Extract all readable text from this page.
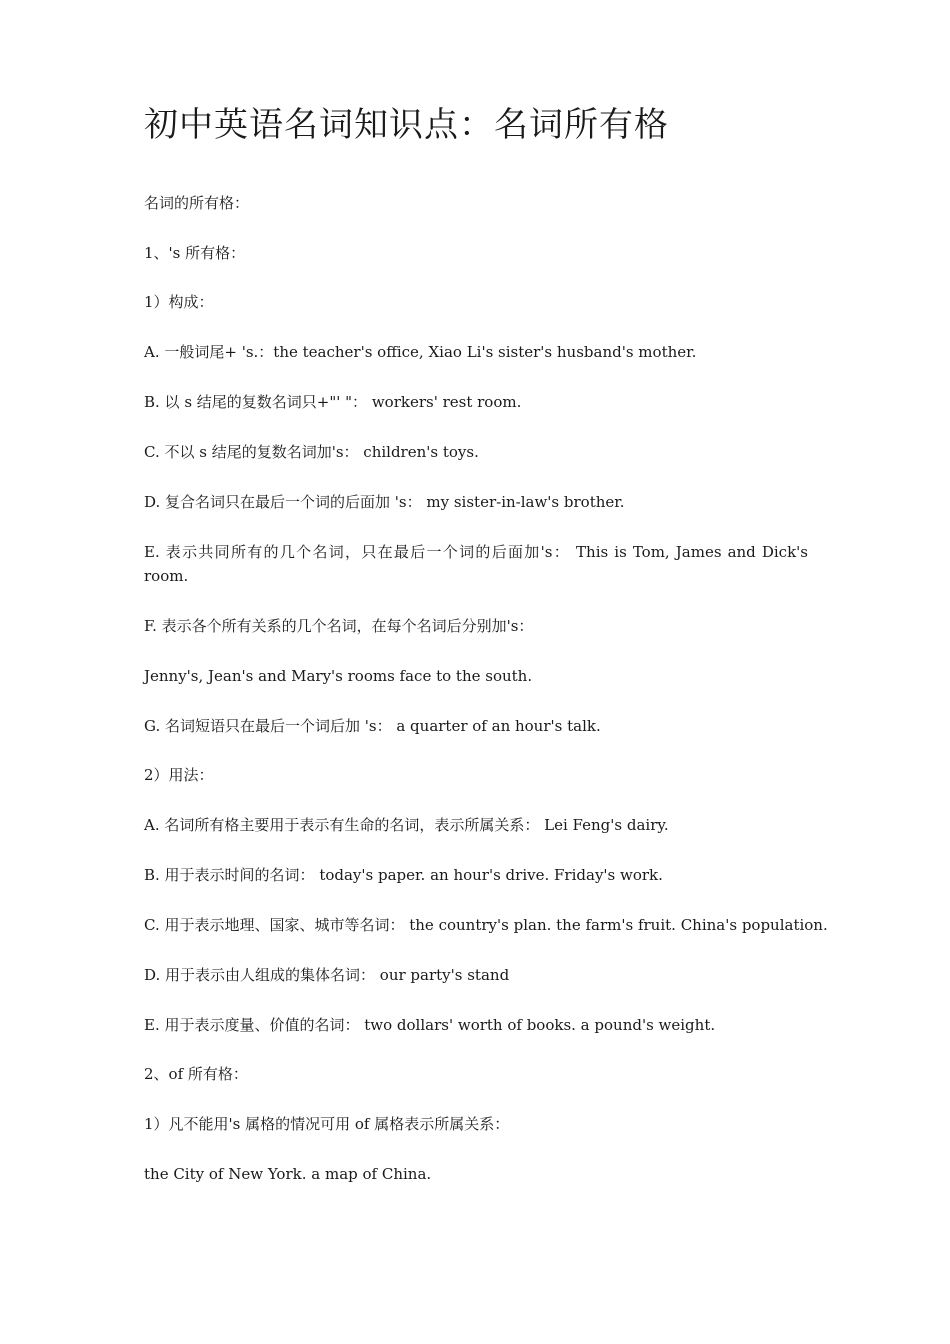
初中英语名词知识点：名词所有格

名词的所有格：

1、's 所有格：

1）构成：

A. 一般词尾+ 's.：the teacher's office, Xiao Li's sister's husband's mother.

B. 以 s 结尾的复数名词只+"' "： workers' rest room.

C. 不以 s 结尾的复数名词加's： children's toys.

D. 复合名词只在最后一个词的后面加 's： my sister-in-law's brother.

E. 表示共同所有的几个名词，只在最后一个词的后面加's： This is Tom, James and Dick's room.

F. 表示各个所有关系的几个名词，在每个名词后分别加's：

Jenny's, Jean's and Mary's rooms face to the south.

G. 名词短语只在最后一个词后加 's： a quarter of an hour's talk.

2）用法：

A. 名词所有格主要用于表示有生命的名词，表示所属关系： Lei Feng's dairy.

B. 用于表示时间的名词： today's paper. an hour's drive. Friday's work.

C. 用于表示地理、国家、城市等名词： the country's plan. the farm's fruit. China's population.

D. 用于表示由人组成的集体名词： our party's stand

E. 用于表示度量、价值的名词： two dollars' worth of books. a pound's weight.

2、of 所有格：

1）凡不能用's 属格的情况可用 of 属格表示所属关系：

the City of New York. a map of China.
